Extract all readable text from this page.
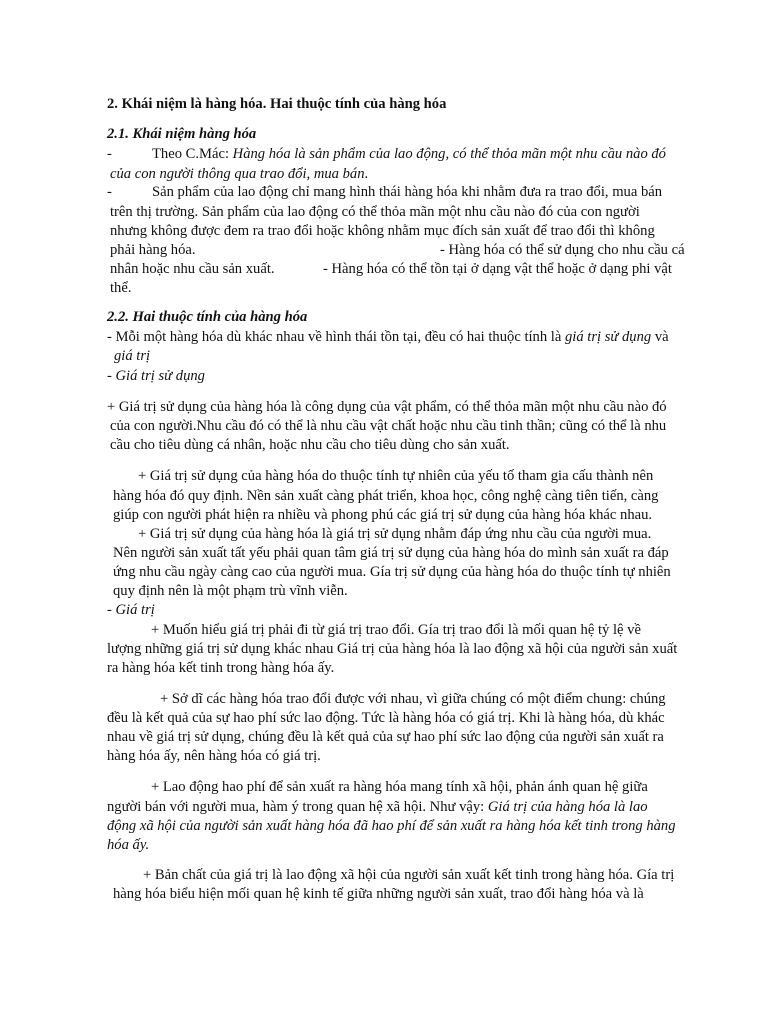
2. Khái niệm là hàng hóa. Hai thuộc tính của hàng hóa
2.1. Khái niệm hàng hóa
-	Theo C.Mác: Hàng hóa là sản phẩm của lao động, có thể thỏa mãn một nhu cầu nào đó
của con người thông qua trao đổi, mua bán.
-	Sản phẩm của lao động chỉ mang hình thái hàng hóa khi nhằm đưa ra trao đổi, mua bán
trên thị trường. Sản phẩm của lao động có thể thỏa mãn một nhu cầu nào đó của con người
nhưng không được đem ra trao đổi hoặc không nhằm mục đích sản xuất để trao đổi thì không
phải hàng hóa.	- Hàng hóa có thể sử dụng cho nhu cầu cá
nhân hoặc nhu cầu sản xuất.	- Hàng hóa có thể tồn tại ở dạng vật thể hoặc ở dạng phi vật
thể.
2.2. Hai thuộc tính của hàng hóa
- Mỗi một hàng hóa dù khác nhau về hình thái tồn tại, đều có hai thuộc tính là giá trị sử dụng và
giá trị
- Giá trị sử dụng
+ Giá trị sử dụng của hàng hóa là công dụng của vật phẩm, có thể thỏa mãn một nhu cầu nào đó
của con người.Nhu cầu đó có thể là nhu cầu vật chất hoặc nhu cầu tinh thần; cũng có thể là nhu
cầu cho tiêu dùng cá nhân, hoặc nhu cầu cho tiêu dùng cho sản xuất.
+ Giá trị sử dụng của hàng hóa do thuộc tính tự nhiên của yếu tố tham gia cấu thành nên
hàng hóa đó quy định. Nền sản xuất càng phát triển, khoa học, công nghệ càng tiên tiến, càng
giúp con người phát hiện ra nhiều và phong phú các giá trị sử dụng của hàng hóa khác nhau.
+ Giá trị sử dụng của hàng hóa là giá trị sử dụng nhằm đáp ứng nhu cầu của người mua.
Nên người sản xuất tất yếu phải quan tâm giá trị sử dụng của hàng hóa do mình sản xuất ra đáp
ứng nhu cầu ngày càng cao của người mua. Gía trị sử dụng của hàng hóa do thuộc tính tự nhiên
quy định nên là một phạm trù vĩnh viễn.
- Giá trị
+ Muốn hiểu giá trị phải đi từ giá trị trao đổi. Gía trị trao đổi là mối quan hệ tỷ lệ về
lượng những giá trị sử dụng khác nhau Giá trị của hàng hóa là lao động xã hội của người sản xuất
ra hàng hóa kết tinh trong hàng hóa ấy.
+ Sở dĩ các hàng hóa trao đổi được với nhau, vì giữa chúng có một điểm chung: chúng
đều là kết quả của sự hao phí sức lao động. Tức là hàng hóa có giá trị. Khi là hàng hóa, dù khác
nhau về giá trị sử dụng, chúng đều là kết quả của sự hao phí sức lao động của người sản xuất ra
hàng hóa ấy, nên hàng hóa có giá trị.
+ Lao động hao phí để sản xuất ra hàng hóa mang tính xã hội, phản ánh quan hệ giữa
người bán với người mua, hàm ý trong quan hệ xã hội. Như vậy: Giá trị của hàng hóa là lao
động xã hội của người sản xuất hàng hóa đã hao phí để sản xuất ra hàng hóa kết tinh trong hàng
hóa ấy.
+ Bản chất của giá trị là lao động xã hội của người sản xuất kết tinh trong hàng hóa. Gía trị
hàng hóa biểu hiện mối quan hệ kinh tế giữa những người sản xuất, trao đổi hàng hóa và là
